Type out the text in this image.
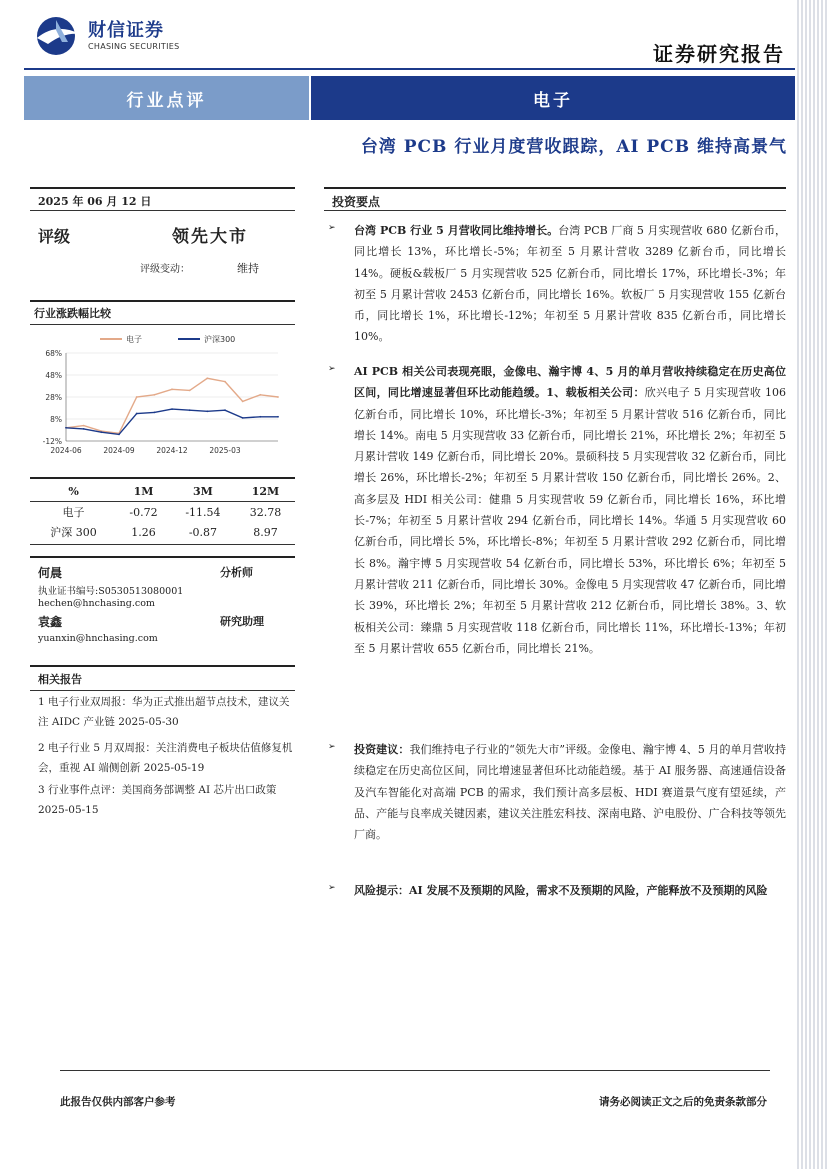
财信证券
CHASING SECURITIES	证券研究报告
行业点评	电子
台湾 PCB 行业月度营收跟踪，AI PCB 维持高景气
2025 年 06 月 12 日
评级	领先大市
评级变动：	维持
行业涨跌幅比较
68%
48%
28%
8%
-12%
2024-06	2024-09	2024-12	2025-03
电子	沪深300
%	1M	3M	12M
电子	-0.72	-11.54	32.78
沪深 300	1.26	-0.87	8.97
何晨	分析师
执业证书编号:S0530513080001
hechen@hnchasing.com
袁鑫	研究助理
yuanxin@hnchasing.com
相关报告
1 电子行业双周报：华为正式推出超节点技术，建议关注 AIDC 产业链 2025-05-30
2 电子行业 5 月双周报：关注消费电子板块估值修复机会，重视 AI 端侧创新 2025-05-19
3 行业事件点评：美国商务部调整 AI 芯片出口政策 2025-05-15
投资要点
➢ 台湾 PCB 行业 5 月营收同比维持增长。台湾 PCB 厂商 5 月实现营收 680 亿新台币，同比增长 13%，环比增长-5%；年初至 5 月累计营收 3289 亿新台币，同比增长 14%。硬板&载板厂 5 月实现营收 525 亿新台币，同比增长 17%，环比增长-3%；年初至 5 月累计营收 2453 亿新台币，同比增长 16%。软板厂 5 月实现营收 155 亿新台币，同比增长 1%，环比增长-12%；年初至 5 月累计营收 835 亿新台币，同比增长 10%。
➢ AI PCB 相关公司表现亮眼，金像电、瀚宇博 4、5 月的单月营收持续稳定在历史高位区间，同比增速显著但环比动能趋缓。1、载板相关公司：欣兴电子 5 月实现营收 106 亿新台币，同比增长 10%，环比增长-3%；年初至 5 月累计营收 516 亿新台币，同比增长 14%。南电 5 月实现营收 33 亿新台币，同比增长 21%，环比增长 2%；年初至 5 月累计营收 149 亿新台币，同比增长 20%。景硕科技 5 月实现营收 32 亿新台币，同比增长 26%，环比增长-2%；年初至 5 月累计营收 150 亿新台币，同比增长 26%。2、高多层及 HDI 相关公司：健鼎 5 月实现营收 59 亿新台币，同比增长 16%，环比增长-7%；年初至 5 月累计营收 294 亿新台币，同比增长 14%。华通 5 月实现营收 60 亿新台币，同比增长 5%，环比增长-8%；年初至 5 月累计营收 292 亿新台币，同比增长 8%。瀚宇博 5 月实现营收 54 亿新台币，同比增长 53%，环比增长 6%；年初至 5 月累计营收 211 亿新台币，同比增长 30%。金像电 5 月实现营收 47 亿新台币，同比增长 39%，环比增长 2%；年初至 5 月累计营收 212 亿新台币，同比增长 38%。3、软板相关公司：臻鼎 5 月实现营收 118 亿新台币，同比增长 11%，环比增长-13%；年初至 5 月累计营收 655 亿新台币，同比增长 21%。
➢ 投资建议：我们维持电子行业的“领先大市”评级。金像电、瀚宇博 4、5 月的单月营收持续稳定在历史高位区间，同比增速显著但环比动能趋缓。基于 AI 服务器、高速通信设备及汽车智能化对高端 PCB 的需求，我们预计高多层板、HDI 赛道景气度有望延续，产品、产能与良率成关键因素，建议关注胜宏科技、深南电路、沪电股份、广合科技等领先厂商。
➢ 风险提示：AI 发展不及预期的风险，需求不及预期的风险，产能释放不及预期的风险
此报告仅供内部客户参考	请务必阅读正文之后的免责条款部分
